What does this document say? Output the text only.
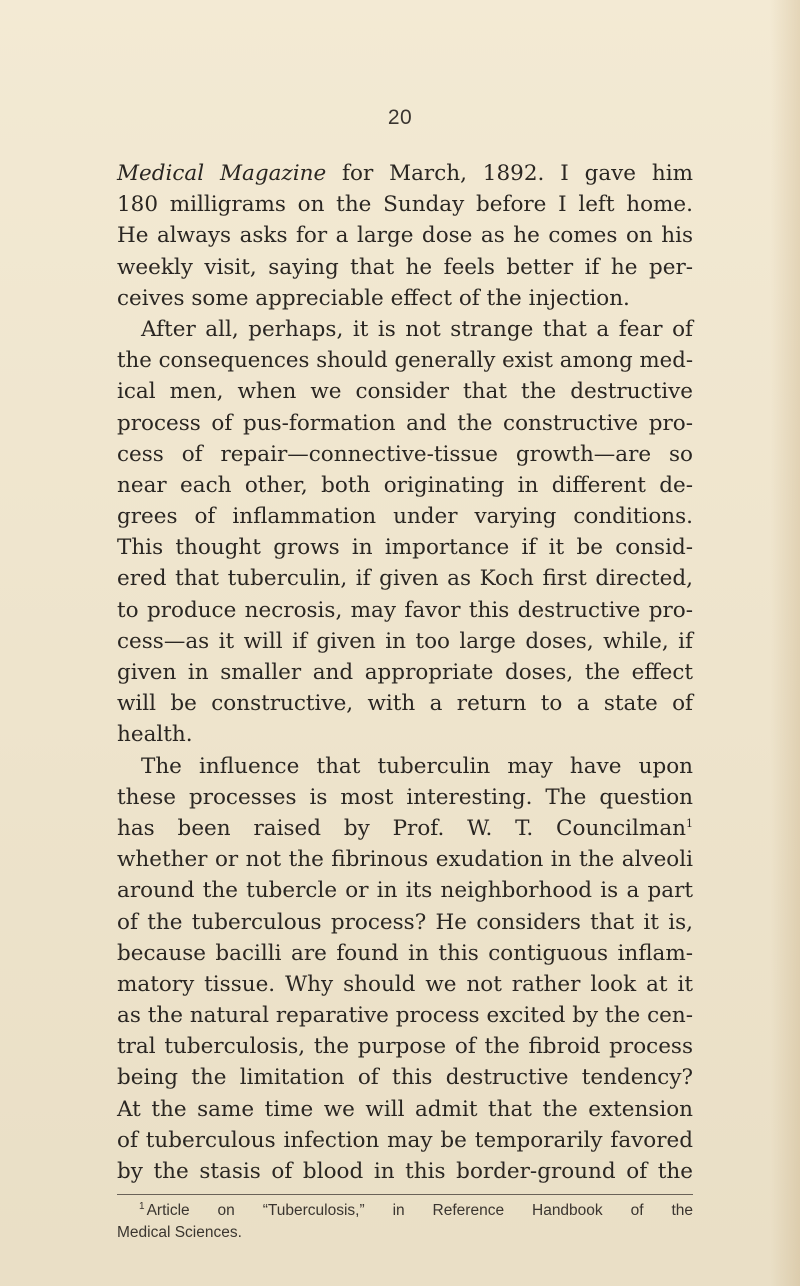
20
Medical Magazine for March, 1892. I gave him
180 milligrams on the Sunday before I left home.
He always asks for a large dose as he comes on his
weekly visit, saying that he feels better if he per-
ceives some appreciable effect of the injection.
After all, perhaps, it is not strange that a fear of
the consequences should generally exist among med-
ical men, when we consider that the destructive
process of pus-formation and the constructive pro-
cess of repair—connective-tissue growth—are so
near each other, both originating in different de-
grees of inflammation under varying conditions.
This thought grows in importance if it be consid-
ered that tuberculin, if given as Koch first directed,
to produce necrosis, may favor this destructive pro-
cess—as it will if given in too large doses, while, if
given in smaller and appropriate doses, the effect
will be constructive, with a return to a state of
health.
The influence that tuberculin may have upon
these processes is most interesting. The question
has been raised by Prof. W. T. Councilman$^1$
whether or not the fibrinous exudation in the alveoli
around the tubercle or in its neighborhood is a part
of the tuberculous process? He considers that it is,
because bacilli are found in this contiguous inflam-
matory tissue. Why should we not rather look at it
as the natural reparative process excited by the cen-
tral tuberculosis, the purpose of the fibroid process
being the limitation of this destructive tendency?
At the same time we will admit that the extension
of tuberculous infection may be temporarily favored
by the stasis of blood in this border-ground of the
$^1$ Article on “Tuberculosis,” in Reference Handbook of the
Medical Sciences.
